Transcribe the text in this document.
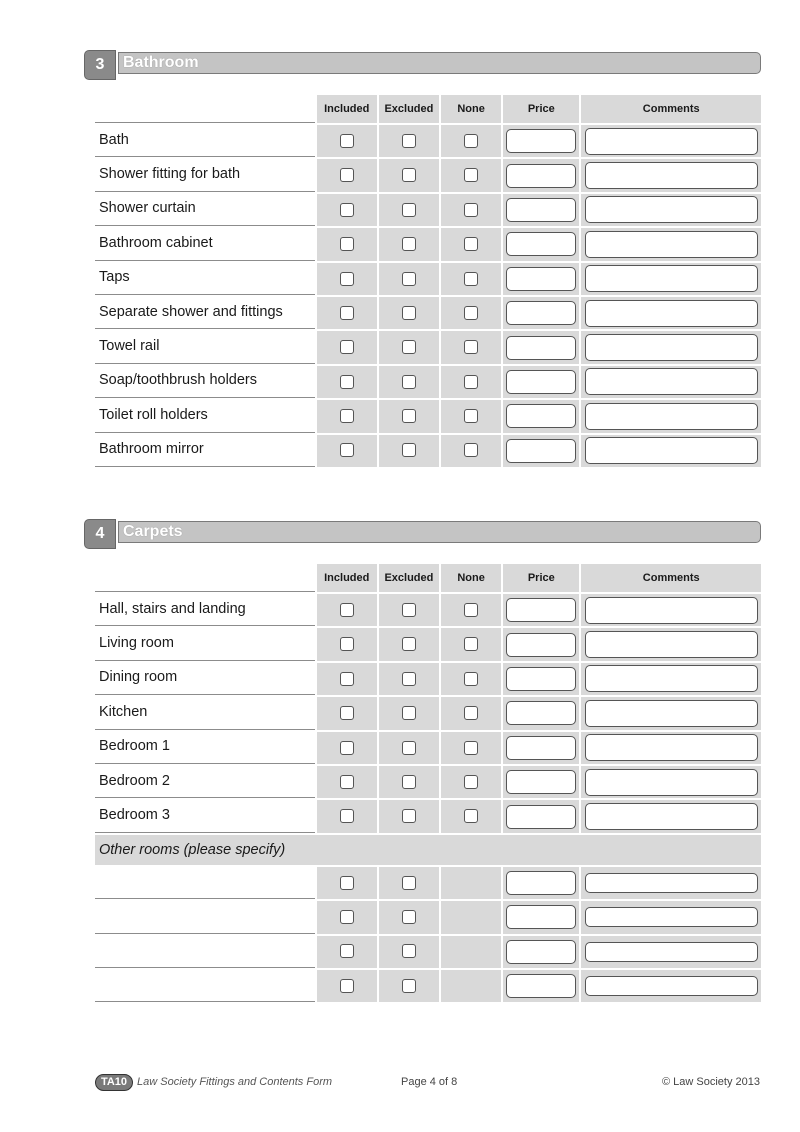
3	Bathroom
	Included	Excluded	None	Price	Comments
Bath					
Shower fitting for bath					
Shower curtain					
Bathroom cabinet					
Taps					
Separate shower and fittings					
Towel rail					
Soap/toothbrush holders					
Toilet roll holders					
Bathroom mirror					
4	Carpets
	Included	Excluded	None	Price	Comments
Hall, stairs and landing					
Living room					
Dining room					
Kitchen					
Bedroom 1					
Bedroom 2					
Bedroom 3					
Other rooms (please specify)					

TA10 Law Society Fittings and Contents Form	Page 4 of 8	© Law Society 2013
